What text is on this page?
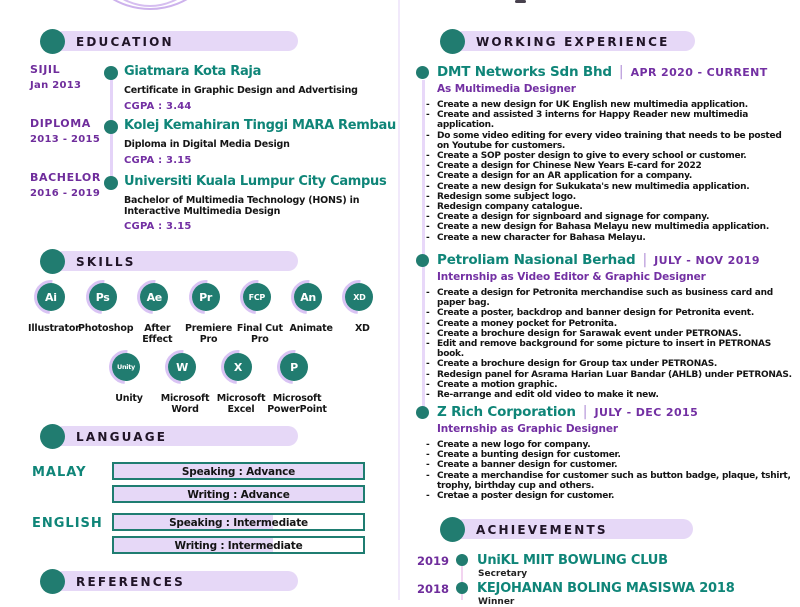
EDUCATION
SIJIL
Jan 2013
DIPLOMA
2013 - 2015
BACHELOR
2016 - 2019
Giatmara Kota Raja
Certificate in Graphic Design and Advertising
CGPA : 3.44
Kolej Kemahiran Tinggi MARA Rembau
Diploma in Digital Media Design
CGPA : 3.15
Universiti Kuala Lumpur City Campus
Bachelor of Multimedia Technology (HONS) in Interactive Multimedia Design
CGPA : 3.15
SKILLS
Ai
Illustrator
Ps
Photoshop
Ae
After Effect
Pr
Premiere Pro
FCP
Final Cut Pro
An
Animate
XD
XD
Unity
Unity
W
Microsoft Word
X
Microsoft Excel
P
Microsoft PowerPoint
LANGUAGE
MALAY
ENGLISH
Speaking : Advance
Writing : Advance
Speaking : Intermediate
Writing : Intermediate
REFERENCES
WORKING EXPERIENCE
DMT Networks Sdn Bhd | APR 2020 - CURRENT
As Multimedia Designer
- Create a new design for UK English new multimedia application.
- Create and assisted 3 interns for Happy Reader new multimedia application.
- Do some video editing for every video training that needs to be posted on Youtube for customers.
- Create a SOP poster design to give to every school or customer.
- Create a design for Chinese New Years E-card for 2022
- Create a design for an AR application for a company.
- Create a new design for Sukukata's new multimedia application.
- Redesign some subject logo.
- Redesign company catalogue.
- Create a design for signboard and signage for company.
- Create a new design for Bahasa Melayu new multimedia application.
- Create a new character for Bahasa Melayu.
Petroliam Nasional Berhad | JULY - NOV 2019
Internship as Video Editor & Graphic Designer
- Create a design for Petronita merchandise such as business card and paper bag.
- Create a poster, backdrop and banner design for Petronita event.
- Create a money pocket for Petronita.
- Create a brochure design for Sarawak event under PETRONAS.
- Edit and remove background for some picture to insert in PETRONAS book.
- Create a brochure design for Group tax under PETRONAS.
- Redesign panel for Asrama Harian Luar Bandar (AHLB) under PETRONAS.
- Create a motion graphic.
- Re-arrange and edit old video to make it new.
Z Rich Corporation | JULY - DEC 2015
Internship as Graphic Designer
- Create a new logo for company.
- Create a bunting design for customer.
- Create a banner design for customer.
- Create a merchandise for customer such as button badge, plaque, tshirt, trophy, birthday cup and others.
- Cretae a poster design for customer.
ACHIEVEMENTS
2019	UniKL MIIT BOWLING CLUB
Secretary
2018	KEJOHANAN BOLING MASISWA 2018
Winner
